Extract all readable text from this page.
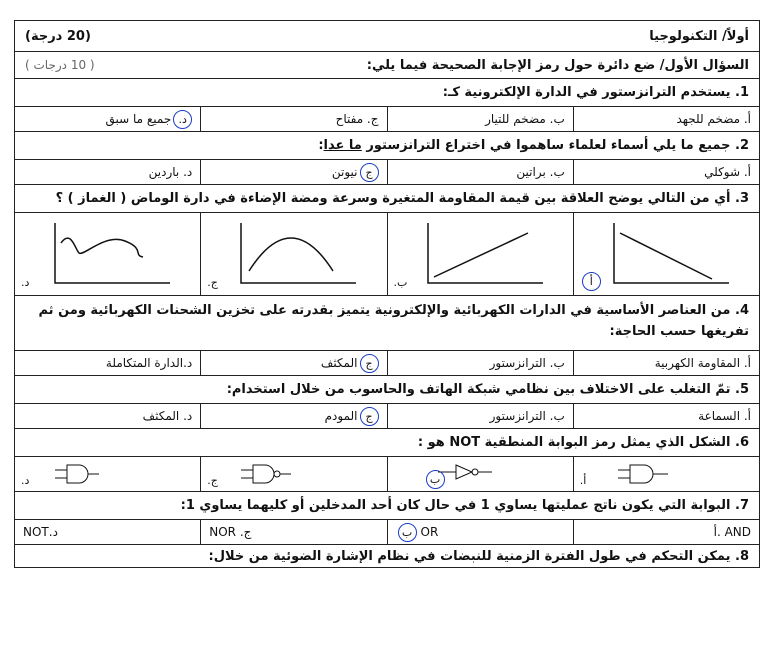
أولاً/ التكنولوجيا
(20 درجة)
السؤال الأول/ ضع دائرة حول رمز الإجابة الصحيحة فيما يلي:
( 10 درجات )
1. يستخدم الترانزستور في الدارة الإلكترونية كـ:
أ. مضخم للجهد
ب. مضخم للتيار
ج. مفتاح
د.
جميع ما سبق
2. جميع ما يلي أسماء لعلماء ساهموا في اختراع الترانزستور ما عدا:
أ. شوكلي
ب. براتين
ج
نيوتن
د. باردين
3. أي من التالي يوضح العلاقة بين قيمة المقاومة المتغيرة وسرعة ومضة الإضاءة في دارة الوماض ( الغماز ) ؟
أ
ب.
ج.
د.
4. من العناصر الأساسية في الدارات الكهربائية والإلكترونية يتميز بقدرته على تخزين الشحنات الكهربائية ومن ثم تفريغها حسب الحاجة:
أ. المقاومة الكهربية
ب. الترانزستور
ج
المكثف
د.الدارة المتكاملة
5. تمّ التغلب على الاختلاف بين نظامي شبكة الهاتف والحاسوب من خلال استخدام:
أ. السماعة
ب. الترانزستور
ج
المودم
د. المكثف
6. الشكل الذي يمثل رمز البوابة المنطقية NOT هو :
أ.
ب
ج.
د.
7. البوابة التي يكون ناتج عمليتها يساوي 1 في حال كان أحد المدخلين أو كليهما يساوي 1:
أ. AND
OR
ب
ج. NOR
د.NOT
8. يمكن التحكم في طول الفترة الزمنية للنبضات في نظام الإشارة الضوئية من خلال:
